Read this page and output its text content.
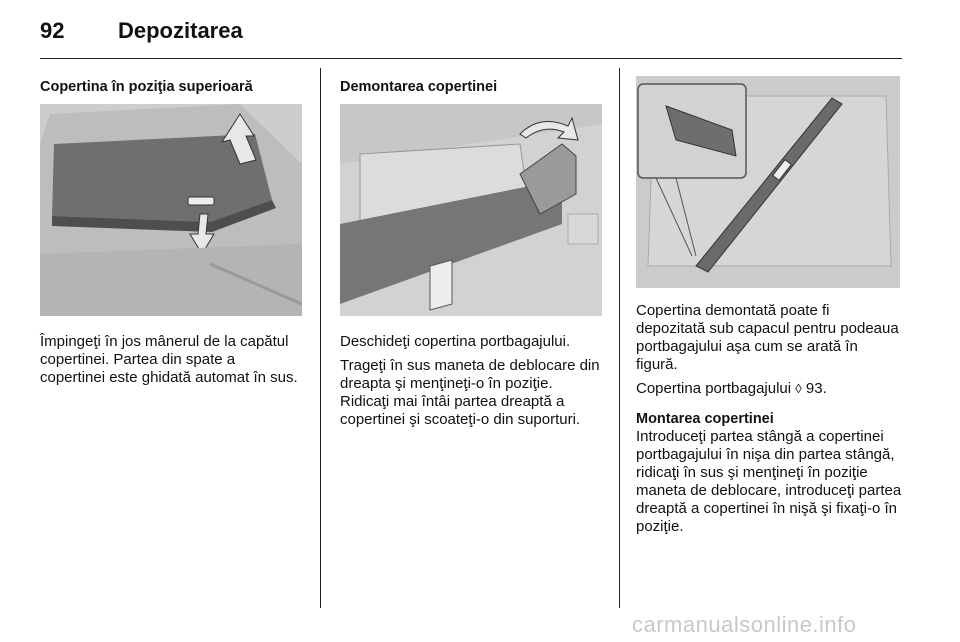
92	Depozitarea
Copertina în poziţia superioară

Împingeţi în jos mânerul de la capătul copertinei. Partea din spate a copertinei este ghidată automat în sus.

Demontarea copertinei

Deschideţi copertina portbagajului.

Trageţi în sus maneta de deblocare din dreapta şi menţineţi-o în poziţie. Ridicaţi mai întâi partea dreaptă a copertinei şi scoateţi-o din suporturi.

Copertina demontată poate fi depozitată sub capacul pentru podeaua portbagajului aşa cum se arată în figură.

Copertina portbagajului ◊ 93.

Montarea copertinei

Introduceţi partea stângă a copertinei portbagajului în nişa din partea stângă, ridicaţi în sus şi menţineţi în poziţie maneta de deblocare, introduceţi partea dreaptă a copertinei în nişă şi fixaţi-o în poziţie.

carmanualsonline.info
